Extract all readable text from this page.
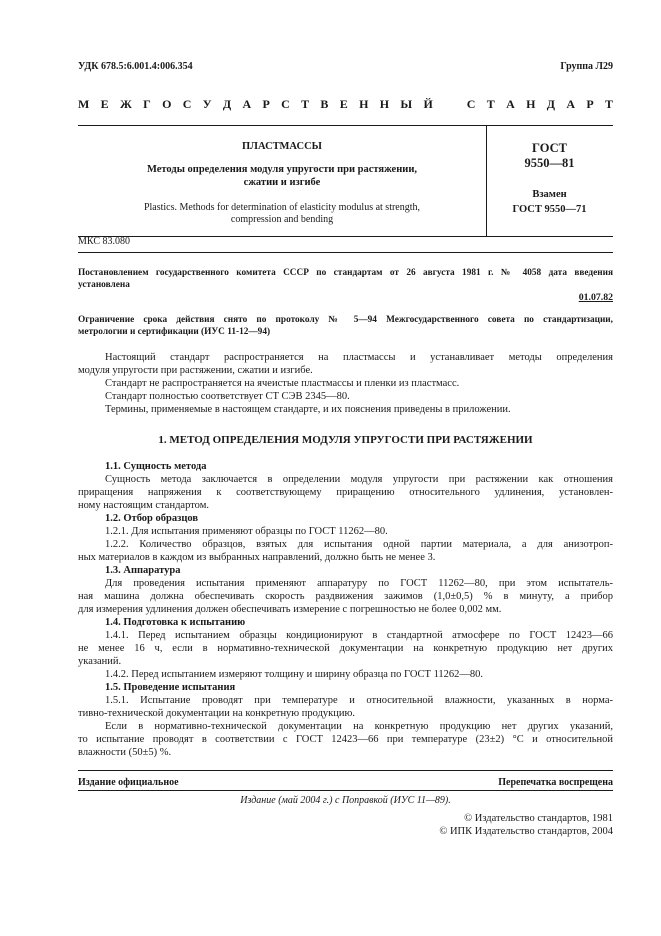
УДК 678.5:6.001.4:006.354	Группа Л29
М Е Ж Г О С У Д А Р С Т В Е Н Н Ы Й   С Т А Н Д А Р Т
ПЛАСТМАССЫ
Методы определения модуля упругости при растяжении,
сжатии и изгибе
Plastics. Methods for determination of elasticity modulus at strength,
compression and bending
ГОСТ
9550—81
Взамен
ГОСТ 9550—71
МКС 83.080
Постановлением государственного комитета СССР по стандартам от 26 августа 1981 г. № 4058 дата введения
установлена
01.07.82
Ограничение срока действия снято по протоколу № 5—94 Межгосударственного совета по стандартизации,
метрологии и сертификации (ИУС 11-12—94)
Настоящий стандарт распространяется на пластмассы и устанавливает методы определения
модуля упругости при растяжении, сжатии и изгибе.
Стандарт не распространяется на ячеистые пластмассы и пленки из пластмасс.
Стандарт полностью соответствует СТ СЭВ 2345—80.
Термины, применяемые в настоящем стандарте, и их пояснения приведены в приложении.
1. МЕТОД ОПРЕДЕЛЕНИЯ МОДУЛЯ УПРУГОСТИ ПРИ РАСТЯЖЕНИИ
1.1. Сущность метода
Сущность метода заключается в определении модуля упругости при растяжении как отношения
приращения напряжения к соответствующему приращению относительного удлинения, установлен-
ному настоящим стандартом.
1.2. Отбор образцов
1.2.1. Для испытания применяют образцы по ГОСТ 11262—80.
1.2.2. Количество образцов, взятых для испытания одной партии материала, а для анизотроп-
ных материалов в каждом из выбранных направлений, должно быть не менее 3.
1.3. Аппаратура
Для проведения испытания применяют аппаратуру по ГОСТ 11262—80, при этом испытатель-
ная машина должна обеспечивать скорость раздвижения зажимов (1,0±0,5) % в минуту, а прибор
для измерения удлинения должен обеспечивать измерение с погрешностью не более 0,002 мм.
1.4. Подготовка к испытанию
1.4.1. Перед испытанием образцы кондиционируют в стандартной атмосфере по ГОСТ 12423—66
не менее 16 ч, если в нормативно-технической документации на конкретную продукцию нет других
указаний.
1.4.2. Перед испытанием измеряют толщину и ширину образца по ГОСТ 11262—80.
1.5. Проведение испытания
1.5.1. Испытание проводят при температуре и относительной влажности, указанных в норма-
тивно-технической документации на конкретную продукцию.
Если в нормативно-технической документации на конкретную продукцию нет других указаний,
то испытание проводят в соответствии с ГОСТ 12423—66 при температуре (23±2) °С и относительной
влажности (50±5) %.
Издание официальное	Перепечатка воспрещена
Издание (май 2004 г.) с Поправкой (ИУС 11—89).
© Издательство стандартов, 1981
© ИПК Издательство стандартов, 2004
